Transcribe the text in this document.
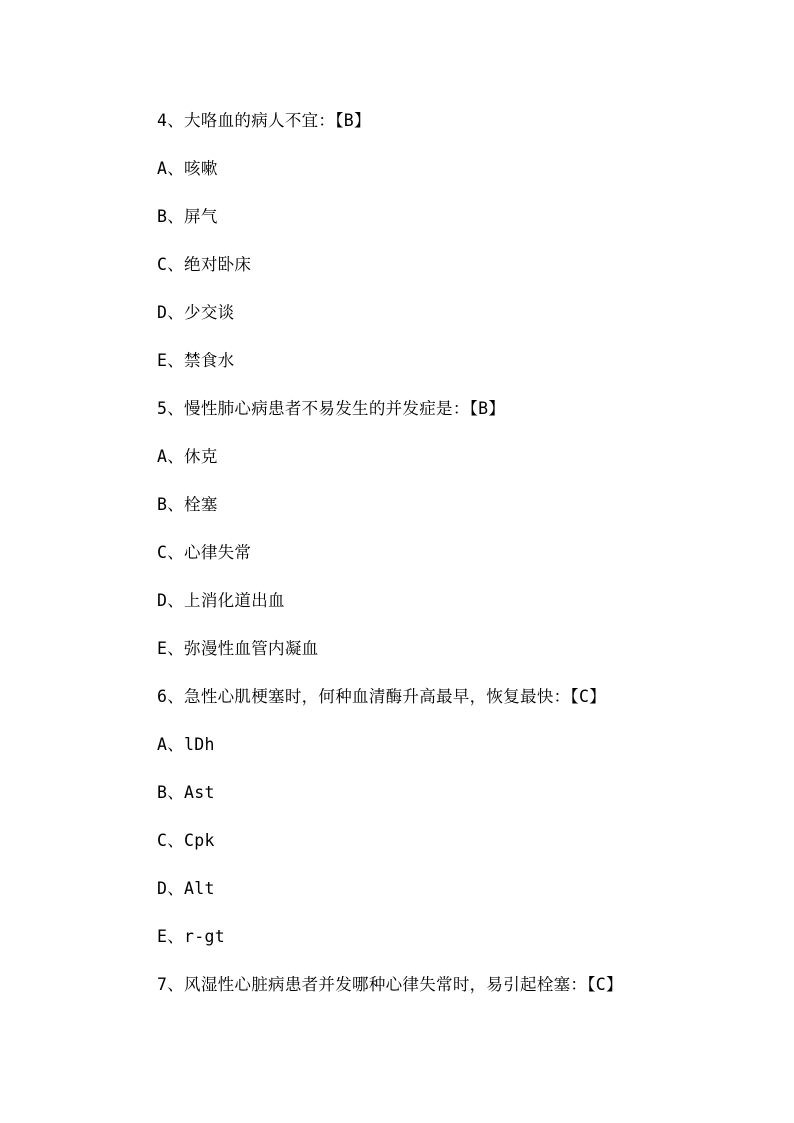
4、大咯血的病人不宜：【B】
A、咳嗽
B、屏气
C、绝对卧床
D、少交谈
E、禁食水
5、慢性肺心病患者不易发生的并发症是：【B】
A、休克
B、栓塞
C、心律失常
D、上消化道出血
E、弥漫性血管内凝血
6、急性心肌梗塞时，何种血清酶升高最早，恢复最快：【C】
A、lDh
B、Ast
C、Cpk
D、Alt
E、r-gt
7、风湿性心脏病患者并发哪种心律失常时，易引起栓塞：【C】
